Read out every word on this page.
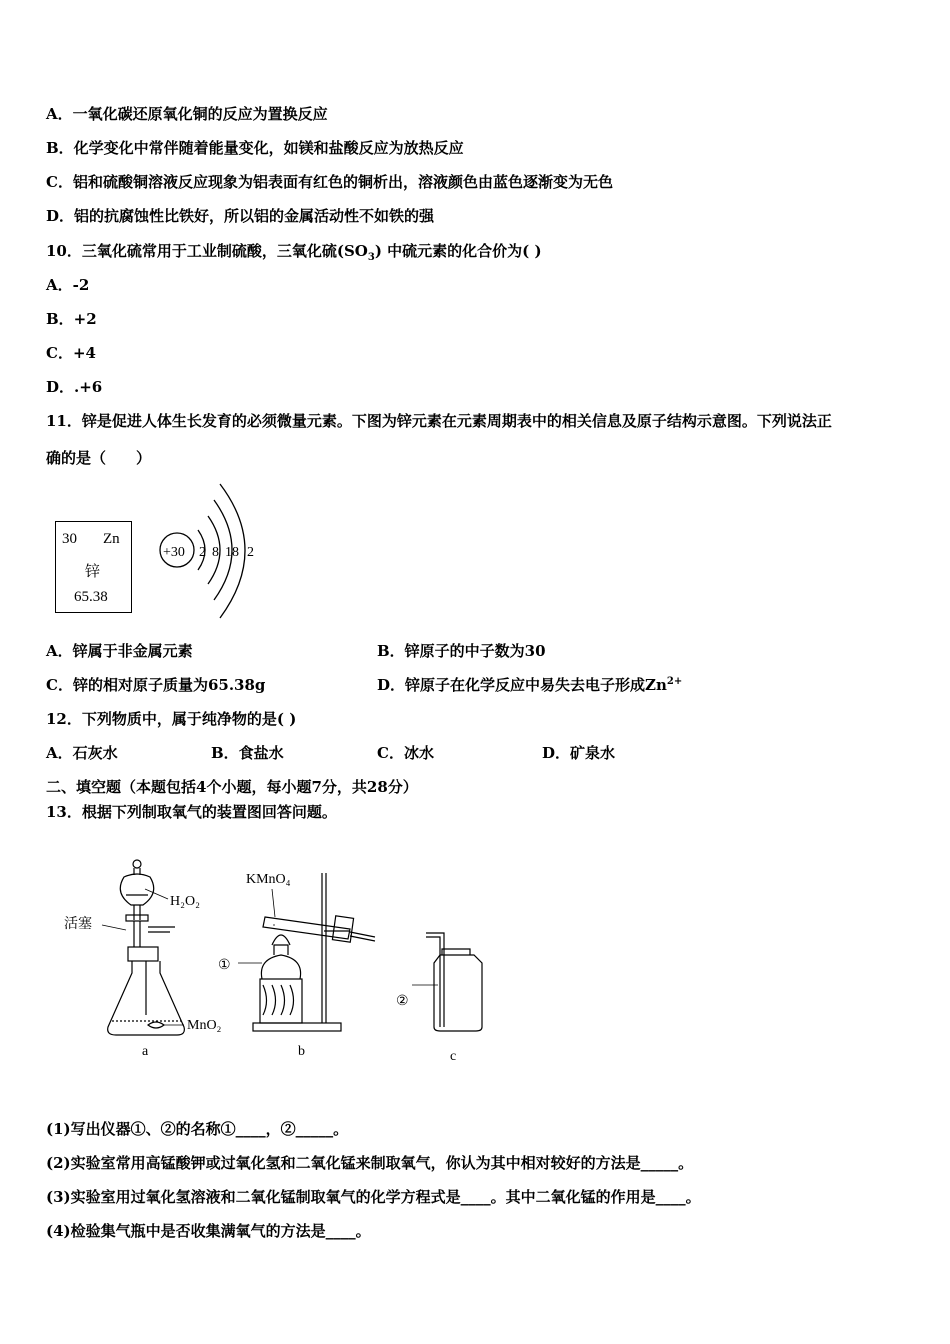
A．一氧化碳还原氧化铜的反应为置换反应
B．化学变化中常伴随着能量变化，如镁和盐酸反应为放热反应
C．铝和硫酸铜溶液反应现象为铝表面有红色的铜析出，溶液颜色由蓝色逐渐变为无色
D．铝的抗腐蚀性比铁好，所以铝的金属活动性不如铁的强
10．三氧化硫常用于工业制硫酸，三氧化硫$(SO_3)$ 中硫元素的化合价为( )
A．-2
B．+2
C．+4
D．.+6
11．锌是促进人体生长发育的必须微量元素。下图为锌元素在元素周期表中的相关信息及原子结构示意图。下列说法正
确的是（　　）
30 Zn
锌
65.38
+30 2 8 18 2
A．锌属于非金属元素	B．锌原子的中子数为30
C．锌的相对原子质量为65.38g	D．锌原子在化学反应中易失去电子形成$Zn^{2+}$
12．下列物质中，属于纯净物的是( )
A．石灰水	B．食盐水	C．冰水	D．矿泉水
二、填空题（本题包括4个小题，每小题7分，共28分）
13．根据下列制取氧气的装置图回答问题。
H₂O₂
活塞
MnO₂
a
KMnO₄
①
b
②
c
(1)写出仪器①、②的名称①____，②_____。
(2)实验室常用高锰酸钾或过氧化氢和二氧化锰来制取氧气，你认为其中相对较好的方法是_____。
(3)实验室用过氧化氢溶液和二氧化锰制取氧气的化学方程式是____。其中二氧化锰的作用是____。
(4)检验集气瓶中是否收集满氧气的方法是____。
